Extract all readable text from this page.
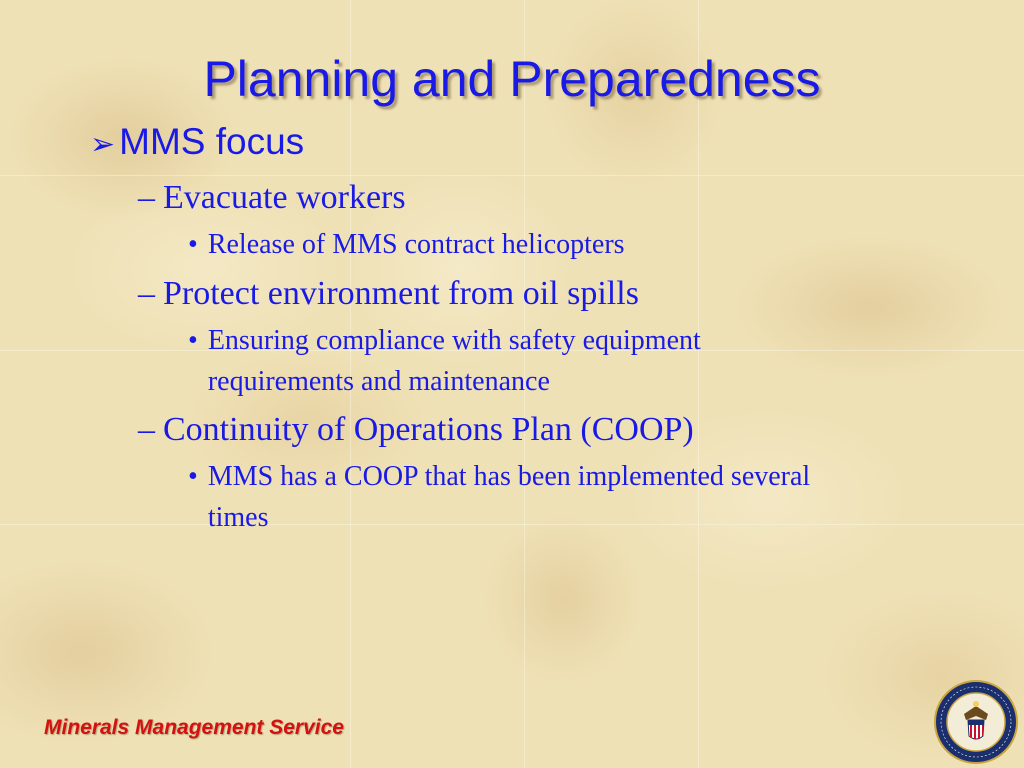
Planning and Preparedness
➢ MMS focus
– Evacuate workers
• Release of MMS contract helicopters
– Protect environment from oil spills
• Ensuring compliance with safety equipment requirements and maintenance
– Continuity of Operations Plan (COOP)
• MMS has a COOP that has been implemented several times
Minerals Management Service
